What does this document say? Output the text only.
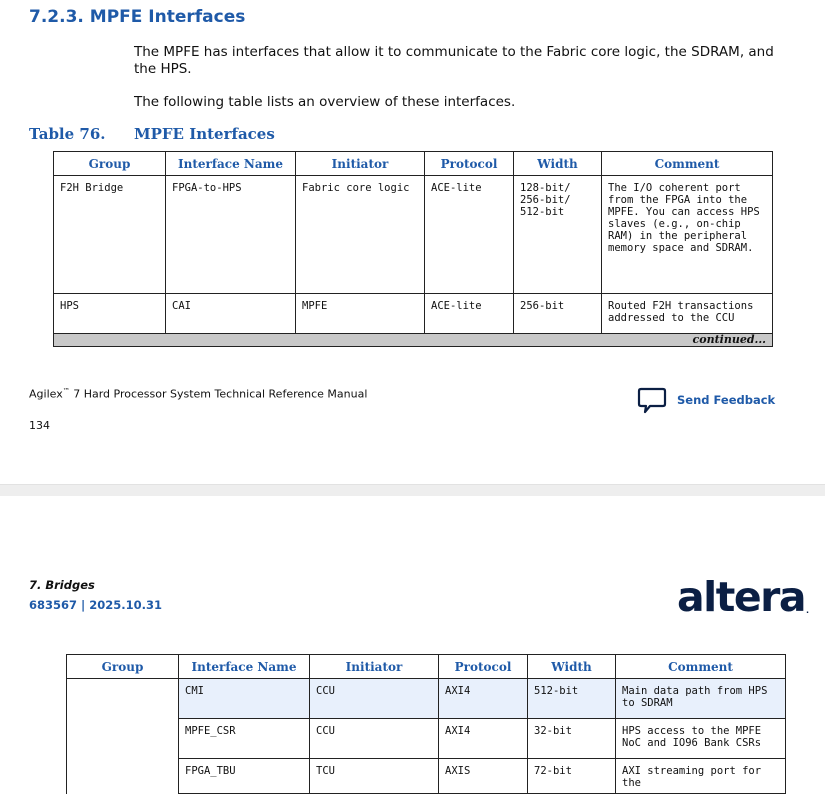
7.2.3. MPFE Interfaces

The MPFE has interfaces that allow it to communicate to the Fabric core logic, the SDRAM, and the HPS.

The following table lists an overview of these interfaces.

Table 76. MPFE Interfaces
Group	Interface Name	Initiator	Protocol	Width	Comment
F2H Bridge	FPGA-to-HPS	Fabric core logic	ACE-lite	128-bit/
256-bit/
512-bit	The I/O coherent port from the FPGA into the MPFE. You can access HPS slaves (e.g., on-chip RAM) in the peripheral memory space and SDRAM.
HPS	CAI	MPFE	ACE-lite	256-bit	Routed F2H transactions addressed to the CCU
continued...					
Agilex™ 7 Hard Processor System Technical Reference Manual
134
Send Feedback
7. Bridges
683567 | 2025.10.31	altera.
Group	Interface Name	Initiator	Protocol	Width	Comment
	CMI	CCU	AXI4	512-bit	Main data path from HPS to SDRAM
	MPFE_CSR	CCU	AXI4	32-bit	HPS access to the MPFE NoC and IO96 Bank CSRs
	FPGA_TBU	TCU	AXIS	72-bit	AXI streaming port for the
